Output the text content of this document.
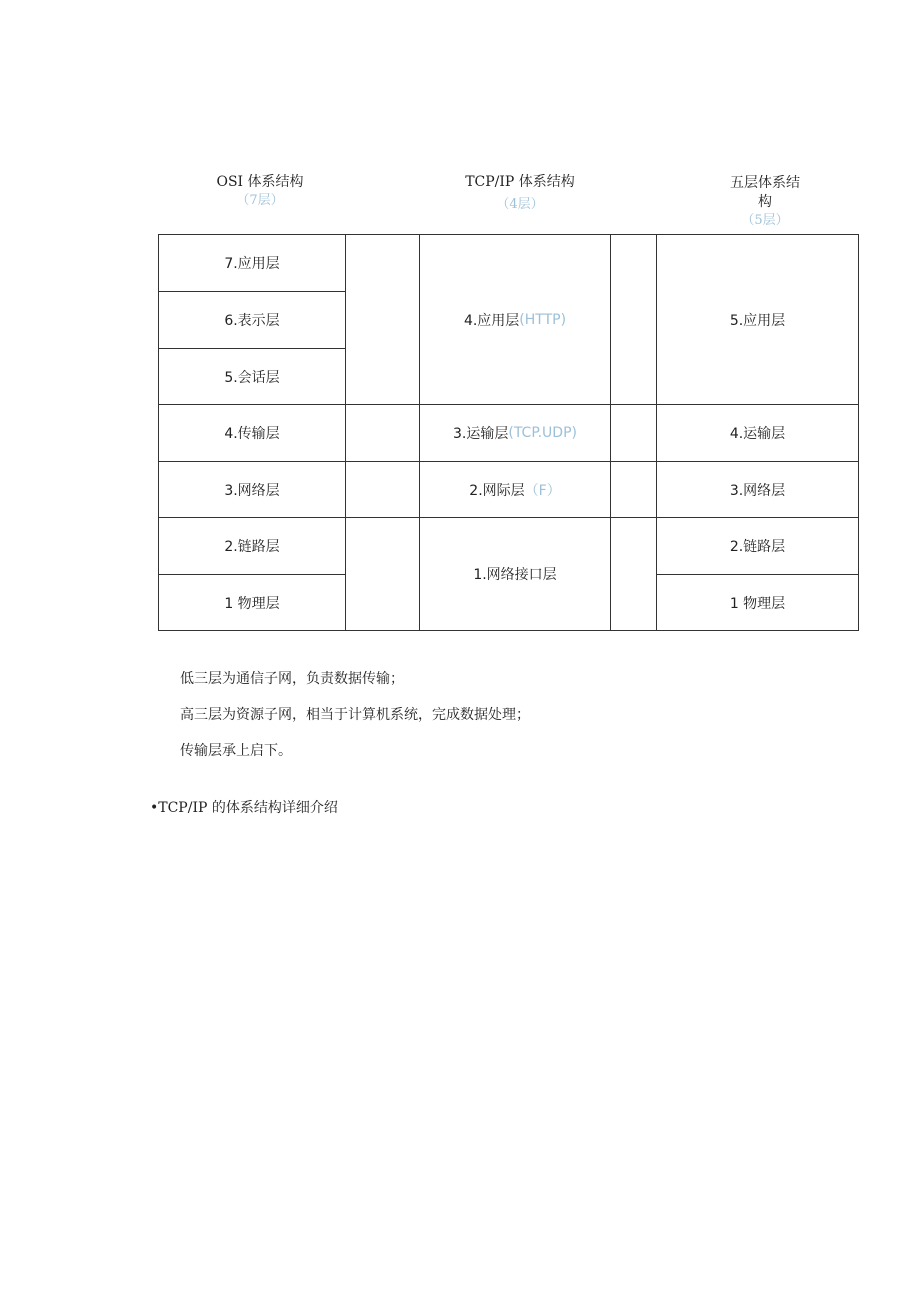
OSI 体系结构
（7层）
TCP/IP 体系结构
（4层）
五层体系结
构
（5层）
7.应用层
6.表示层
5.会话层
4.传输层
3.网络层
2.链路层
1 物理层
4.应用层 (HTTP)
3.运输层 (TCP.UDP)
2.网际层 （F）
1.网络接口层
5.应用层
4.运输层
3.网络层
2.链路层
1 物理层
低三层为通信子网，负责数据传输；
高三层为资源子网，相当于计算机系统，完成数据处理；
传输层承上启下。
•TCP/IP 的体系结构详细介绍
